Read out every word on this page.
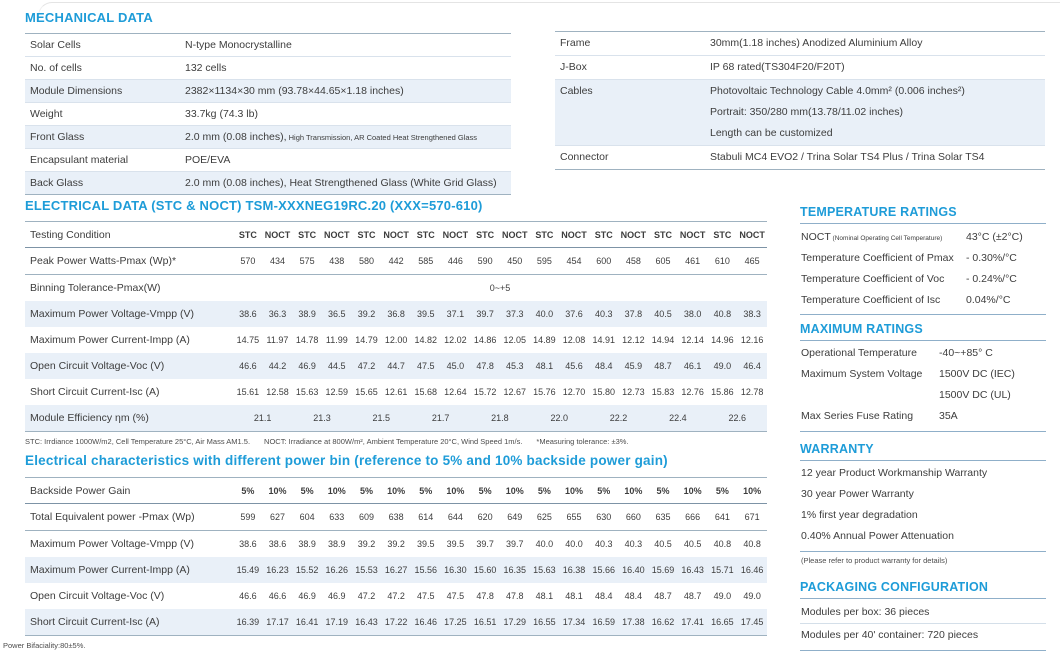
MECHANICAL DATA
Solar Cells	N-type Monocrystalline
No. of cells	132 cells
Module Dimensions	2382×1134×30 mm (93.78×44.65×1.18 inches)
Weight	33.7kg (74.3 lb)
Front Glass	2.0 mm (0.08 inches), High Transmission, AR Coated Heat Strengthened Glass
Encapsulant material	POE/EVA
Back Glass	2.0 mm (0.08 inches), Heat Strengthened Glass (White Grid Glass)
Frame	30mm(1.18 inches) Anodized Aluminium Alloy
J-Box	IP 68 rated(TS304F20/F20T)
Cables	Photovoltaic Technology Cable 4.0mm² (0.006 inches²)
Portrait: 350/280 mm(13.78/11.02 inches)
Length can be customized
Connector	Stabuli MC4 EVO2 / Trina Solar TS4 Plus / Trina Solar TS4
ELECTRICAL DATA (STC & NOCT) TSM-XXXNEG19RC.20 (XXX=570-610)
Testing Condition	STC	NOCT	STC	NOCT	STC	NOCT	STC	NOCT	STC	NOCT	STC	NOCT	STC	NOCT	STC	NOCT	STC	NOCT
Peak Power Watts-Pmax (Wp)*	570	434	575	438	580	442	585	446	590	450	595	454	600	458	605	461	610	465
Binning Tolerance-Pmax(W)	0~+5																	
Maximum Power Voltage-Vmpp (V)	38.6	36.3	38.9	36.5	39.2	36.8	39.5	37.1	39.7	37.3	40.0	37.6	40.3	37.8	40.5	38.0	40.8	38.3
Maximum Power Current-Impp (A)	14.75	11.97	14.78	11.99	14.79	12.00	14.82	12.02	14.86	12.05	14.89	12.08	14.91	12.12	14.94	12.14	14.96	12.16
Open Circuit Voltage-Voc (V)	46.6	44.2	46.9	44.5	47.2	44.7	47.5	45.0	47.8	45.3	48.1	45.6	48.4	45.9	48.7	46.1	49.0	46.4
Short Circuit Current-Isc (A)	15.61	12.58	15.63	12.59	15.65	12.61	15.68	12.64	15.72	12.67	15.76	12.70	15.80	12.73	15.83	12.76	15.86	12.78
Module Efficiency ηm (%)	21.1		21.3		21.5		21.7		21.8		22.0		22.2		22.4		22.6	
STC: Irrdiance 1000W/m2, Cell Temperature 25°C, Air Mass AM1.5. NOCT: Irradiance at 800W/m², Ambient Temperature 20°C, Wind Speed 1m/s. *Measuring tolerance: ±3%.
Electrical characteristics with different power bin (reference to 5% and 10% backside power gain)
Backside Power Gain	5%	10%	5%	10%	5%	10%	5%	10%	5%	10%	5%	10%	5%	10%	5%	10%	5%	10%
Total Equivalent power -Pmax (Wp)	599	627	604	633	609	638	614	644	620	649	625	655	630	660	635	666	641	671
Maximum Power Voltage-Vmpp (V)	38.6	38.6	38.9	38.9	39.2	39.2	39.5	39.5	39.7	39.7	40.0	40.0	40.3	40.3	40.5	40.5	40.8	40.8
Maximum Power Current-Impp (A)	15.49	16.23	15.52	16.26	15.53	16.27	15.56	16.30	15.60	16.35	15.63	16.38	15.66	16.40	15.69	16.43	15.71	16.46
Open Circuit Voltage-Voc (V)	46.6	46.6	46.9	46.9	47.2	47.2	47.5	47.5	47.8	47.8	48.1	48.1	48.4	48.4	48.7	48.7	49.0	49.0
Short Circuit Current-Isc (A)	16.39	17.17	16.41	17.19	16.43	17.22	16.46	17.25	16.51	17.29	16.55	17.34	16.59	17.38	16.62	17.41	16.65	17.45
Power Bifaciality:80±5%.
TEMPERATURE RATINGS
NOCT (Nominal Operating Cell Temperature)	43°C (±2°C)
Temperature Coefficient of Pmax	- 0.30%/°C
Temperature Coefficient of Voc	- 0.24%/°C
Temperature Coefficient of Isc	0.04%/°C
MAXIMUM RATINGS
Operational Temperature	-40~+85° C
Maximum System Voltage	1500V DC (IEC)
1500V DC (UL)
Max Series Fuse Rating	35A
WARRANTY
12 year Product Workmanship Warranty
30 year Power Warranty
1% first year degradation
0.40% Annual Power Attenuation
(Please refer to product warranty for details)
PACKAGING CONFIGURATION
Modules per box: 36 pieces
Modules per 40' container: 720 pieces
